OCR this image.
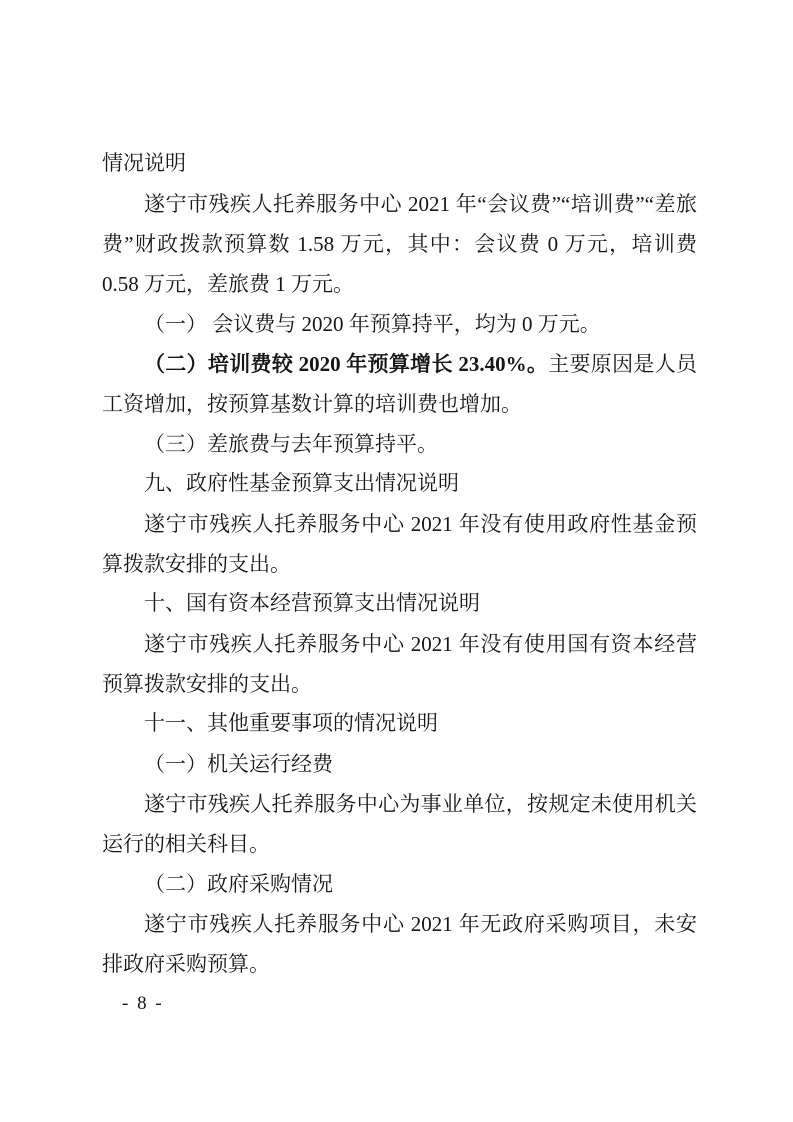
情况说明

遂宁市残疾人托养服务中心 2021 年“会议费”“培训费”“差旅费”财政拨款预算数 1.58 万元，其中：会议费 0 万元，培训费 0.58 万元，差旅费 1 万元。

（一） 会议费与 2020 年预算持平，均为 0 万元。

（二）培训费较 2020 年预算增长 23.40%。主要原因是人员工资增加，按预算基数计算的培训费也增加。

（三）差旅费与去年预算持平。

九、政府性基金预算支出情况说明

遂宁市残疾人托养服务中心 2021 年没有使用政府性基金预算拨款安排的支出。

十、国有资本经营预算支出情况说明

遂宁市残疾人托养服务中心 2021 年没有使用国有资本经营预算拨款安排的支出。

十一、其他重要事项的情况说明

（一）机关运行经费

遂宁市残疾人托养服务中心为事业单位，按规定未使用机关运行的相关科目。

（二）政府采购情况

遂宁市残疾人托养服务中心 2021 年无政府采购项目，未安排政府采购预算。

- 8 -
